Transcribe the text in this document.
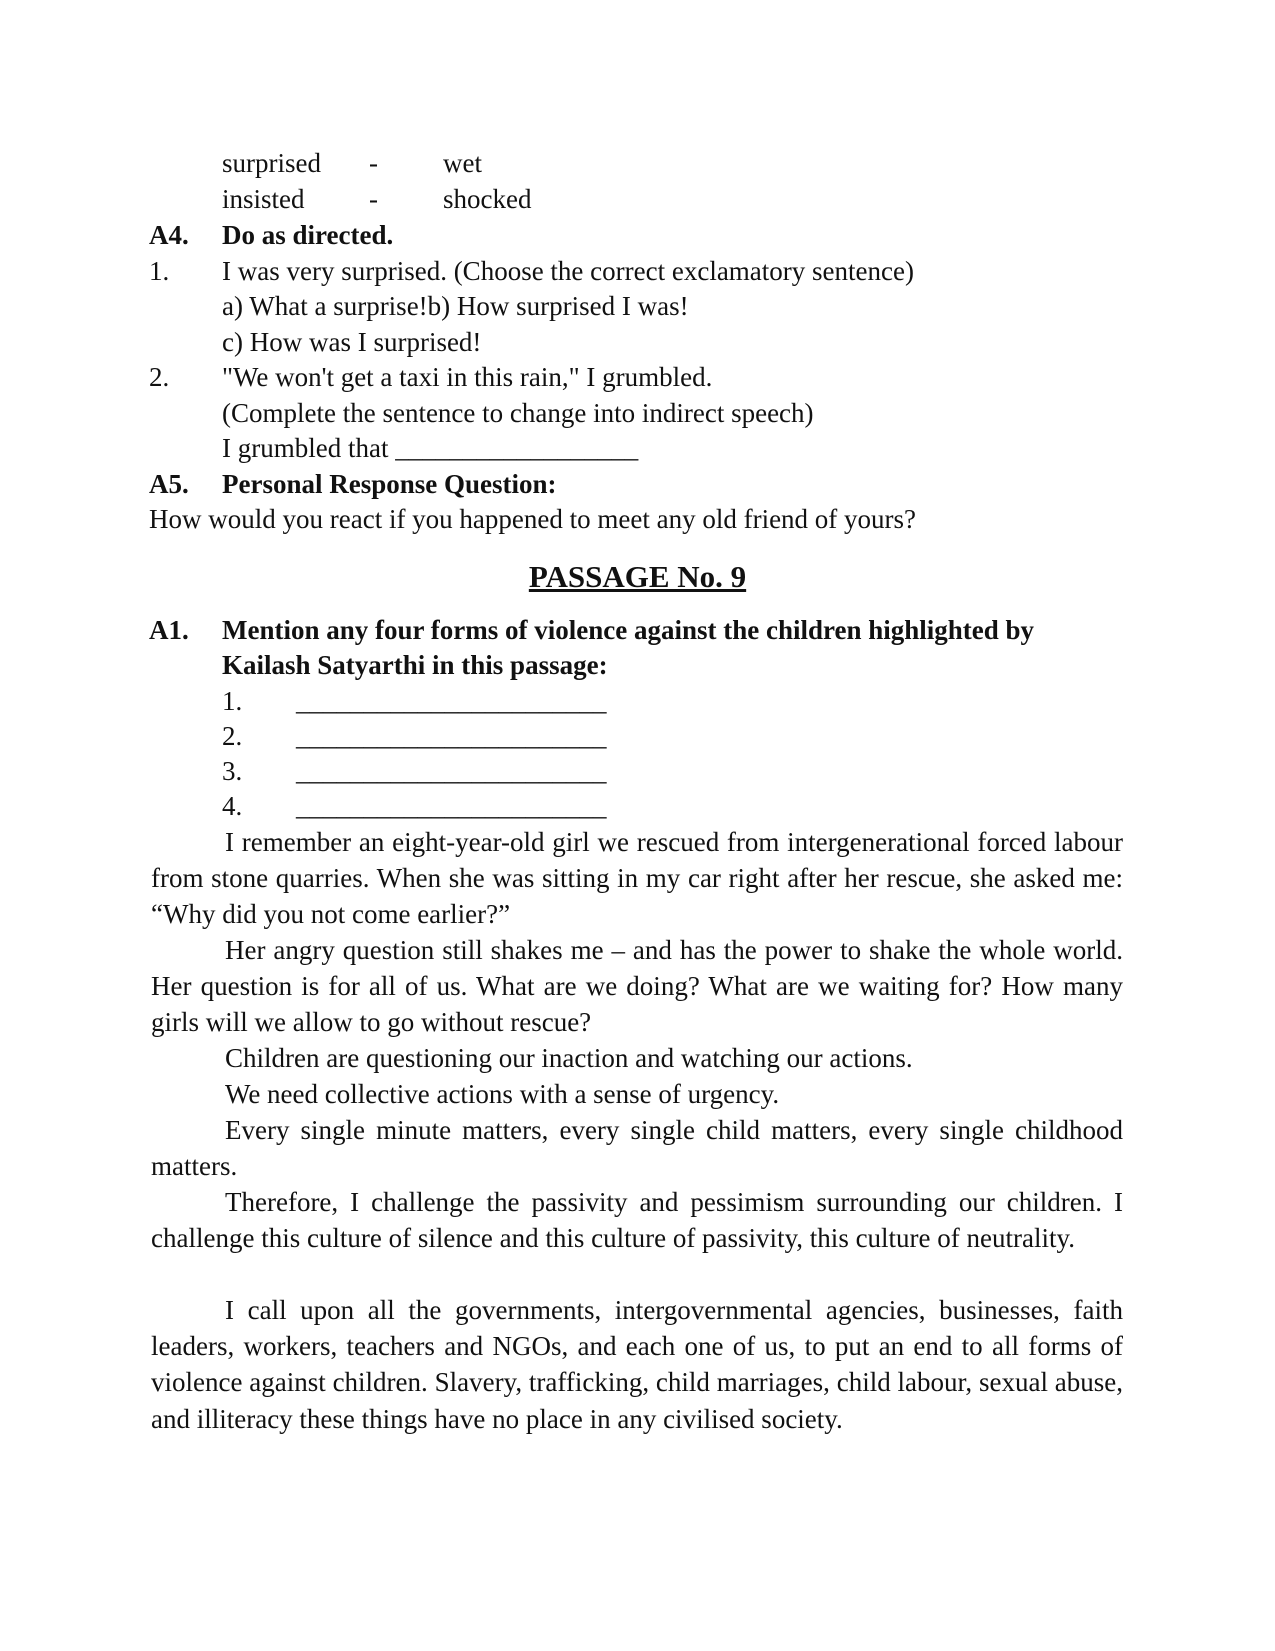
surprised - wet
insisted - shocked
A4. Do as directed.
1. I was very surprised. (Choose the correct exclamatory sentence)
a) What a surprise!b) How surprised I was!
c) How was I surprised!
2. "We won't get a taxi in this rain," I grumbled.
(Complete the sentence to change into indirect speech)
I grumbled that __________________
A5. Personal Response Question:
How would you react if you happened to meet any old friend of yours?
PASSAGE No. 9
A1. Mention any four forms of violence against the children highlighted by
Kailash Satyarthi in this passage:
1. _______________________
2. _______________________
3. _______________________
4. _______________________
I remember an eight-year-old girl we rescued from intergenerational forced labour from stone quarries. When she was sitting in my car right after her rescue, she asked me: “Why did you not come earlier?”
Her angry question still shakes me – and has the power to shake the whole world. Her question is for all of us. What are we doing? What are we waiting for? How many girls will we allow to go without rescue?
Children are questioning our inaction and watching our actions.
We need collective actions with a sense of urgency.
Every single minute matters, every single child matters, every single childhood matters.
Therefore, I challenge the passivity and pessimism surrounding our children. I challenge this culture of silence and this culture of passivity, this culture of neutrality.
I call upon all the governments, intergovernmental agencies, businesses, faith leaders, workers, teachers and NGOs, and each one of us, to put an end to all forms of violence against children. Slavery, trafficking, child marriages, child labour, sexual abuse, and illiteracy these things have no place in any civilised society.
